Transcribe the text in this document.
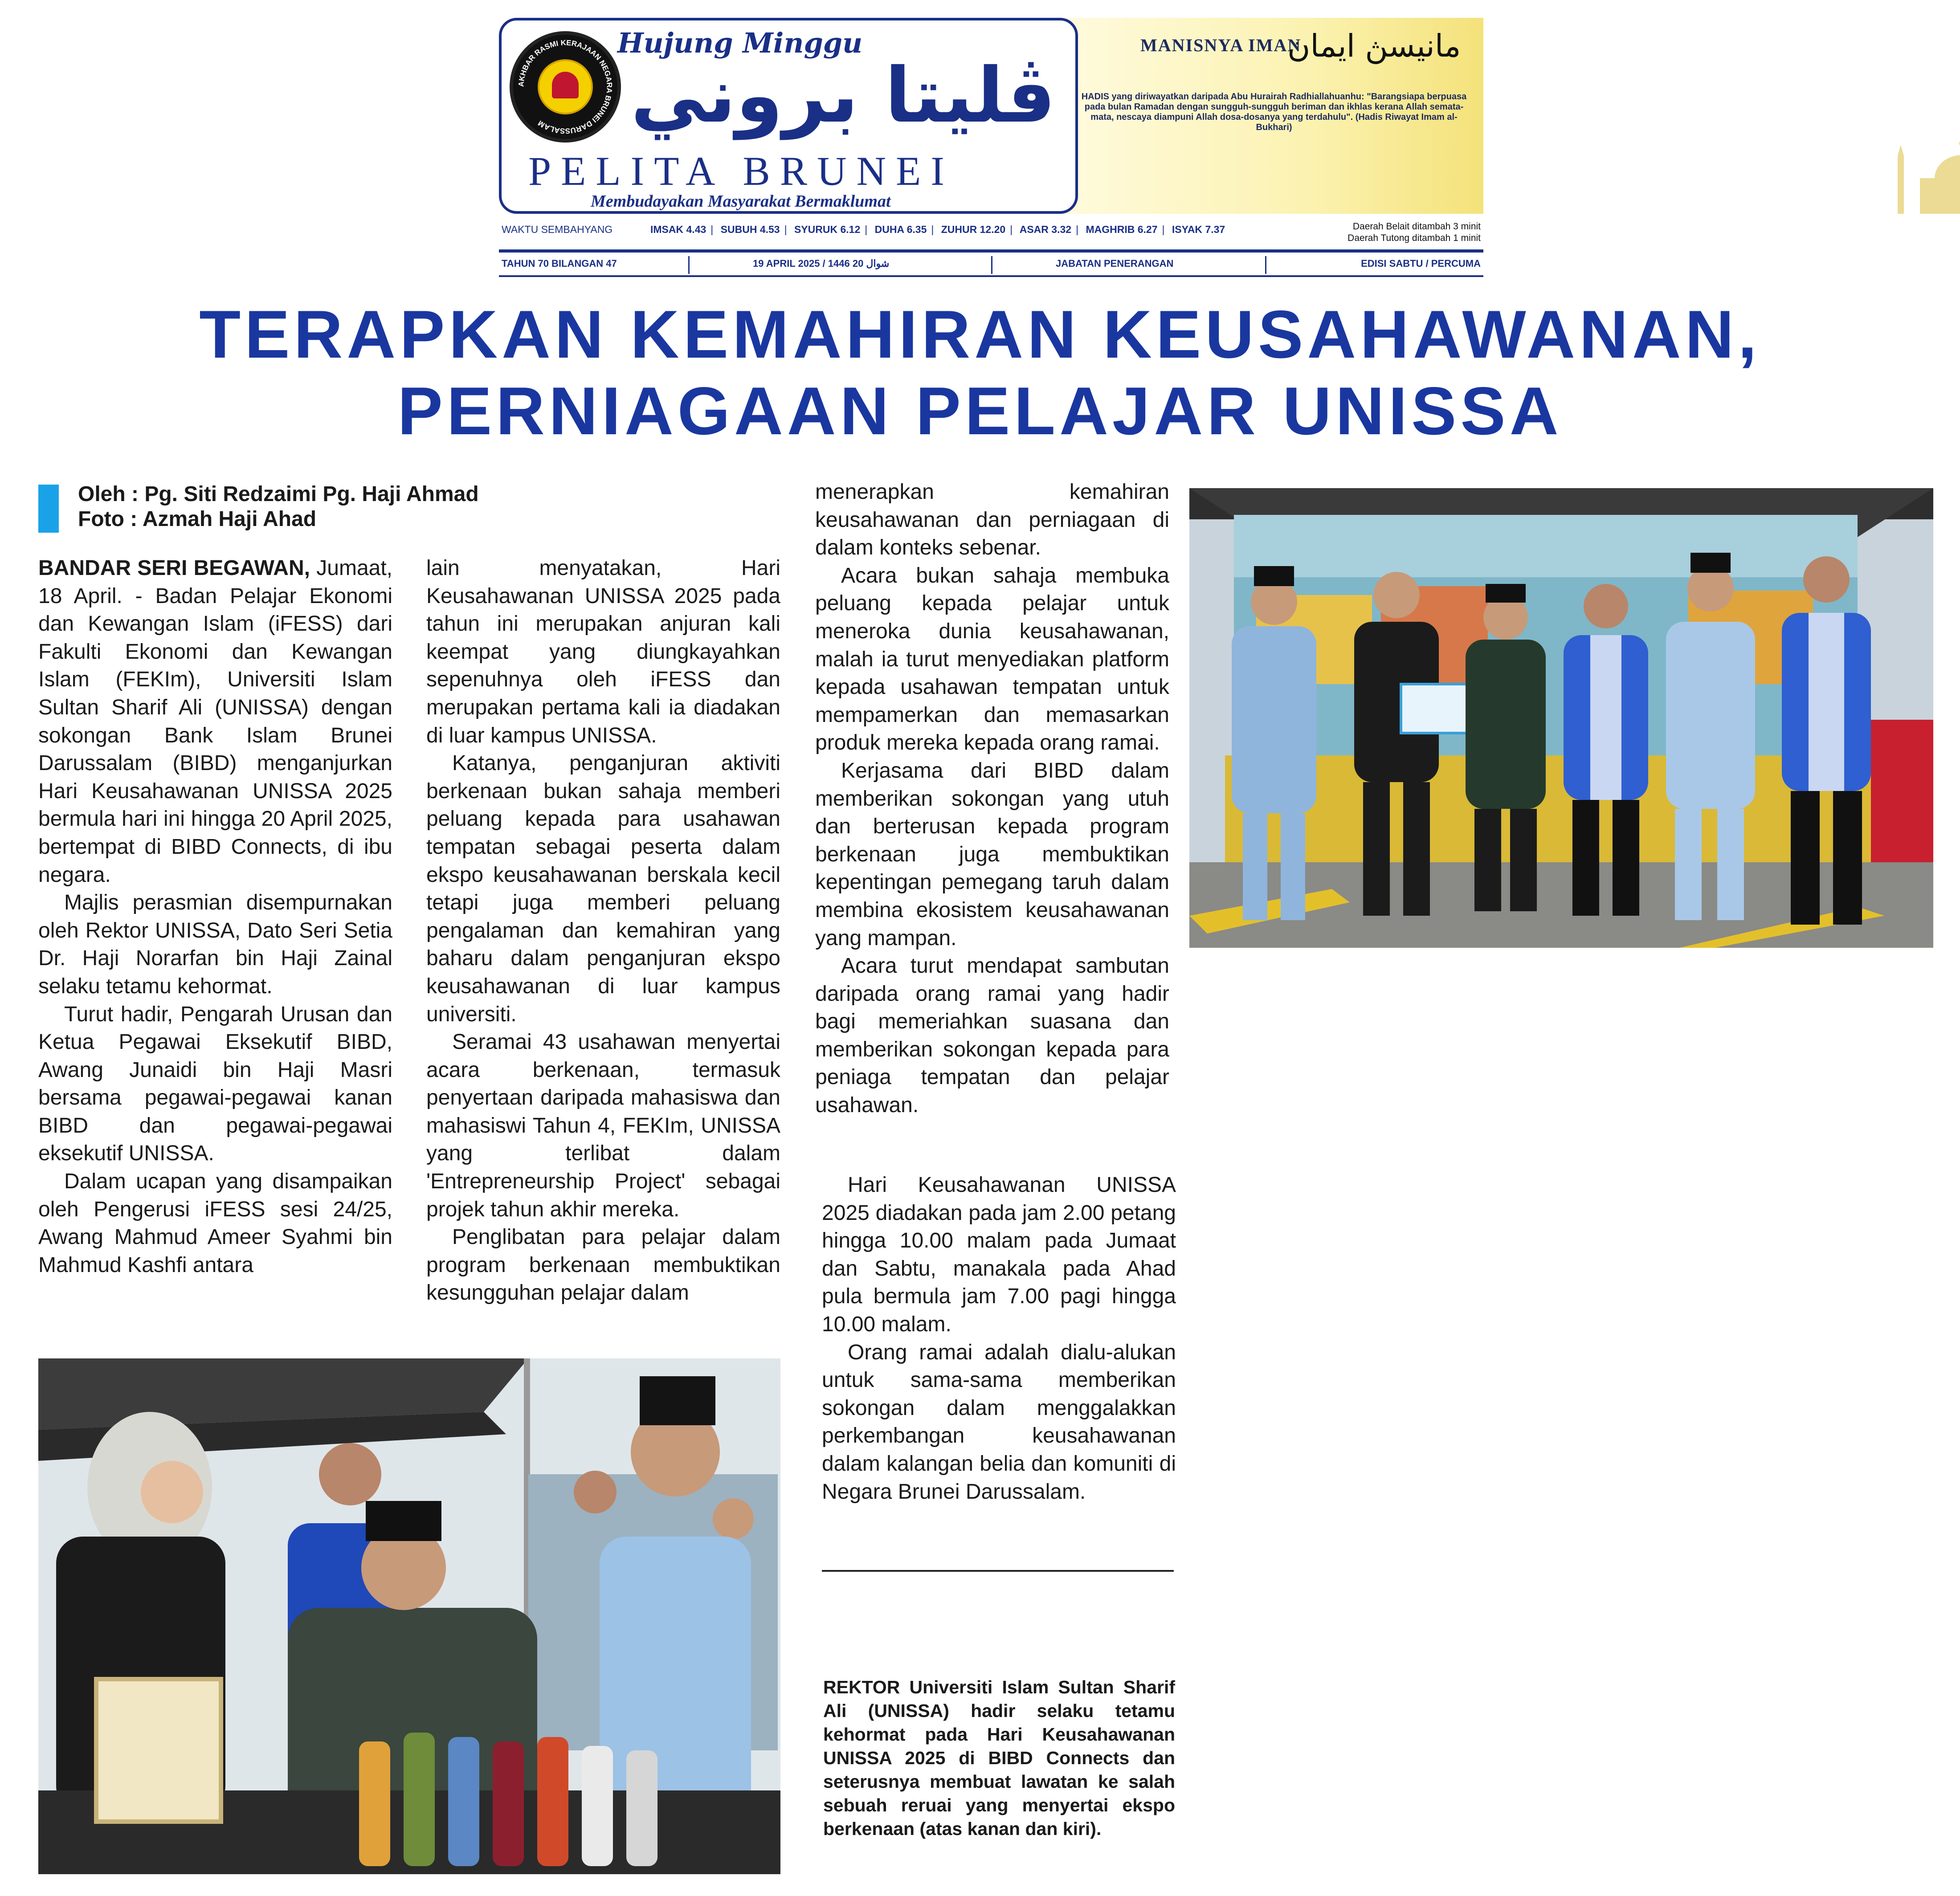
AKHBAR RASMI KERAJAAN NEGARA BRUNEI DARUSSALAM
Hujung Minggu
ڤليتا بروني
PELITA BRUNEI
Membudayakan Masyarakat Bermaklumat
MANISNYA IMAN
مانيسڽ ايمان
HADIS yang diriwayatkan daripada Abu Hurairah Radhiallahuanhu: "Barangsiapa berpuasa pada bulan Ramadan dengan sungguh-sungguh beriman dan ikhlas kerana Allah semata-mata, nescaya diampuni Allah dosa-dosanya yang terdahulu". (Hadis Riwayat Imam al-Bukhari)
WAKTU SEMBAHYANG	IMSAK 4.43 | SUBUH 4.53 | SYURUK 6.12 | DUHA 6.35 | ZUHUR 12.20 | ASAR 3.32 | MAGHRIB 6.27 | ISYAK 7.37	Daerah Belait ditambah 3 minit
Daerah Tutong ditambah 1 minit
TAHUN 70 BILANGAN 47	19 APRIL 2025 / 1446 شوال 20	JABATAN PENERANGAN	EDISI SABTU / PERCUMA
TERAPKAN KEMAHIRAN KEUSAHAWANAN,
PERNIAGAAN PELAJAR UNISSA
Oleh : Pg. Siti Redzaimi Pg. Haji Ahmad
Foto : Azmah Haji Ahad

BANDAR SERI BEGAWAN, Jumaat, 18 April. - Badan Pelajar Ekonomi dan Kewangan Islam (iFESS) dari Fakulti Ekonomi dan Kewangan Islam (FEKIm), Universiti Islam Sultan Sharif Ali (UNISSA) dengan sokongan Bank Islam Brunei Darussalam (BIBD) menganjurkan Hari Keusahawanan UNISSA 2025 bermula hari ini hingga 20 April 2025, bertempat di BIBD Connects, di ibu negara.

Majlis perasmian disempurnakan oleh Rektor UNISSA, Dato Seri Setia Dr. Haji Norarfan bin Haji Zainal selaku tetamu kehormat.

Turut hadir, Pengarah Urusan dan Ketua Pegawai Eksekutif BIBD, Awang Junaidi bin Haji Masri bersama pegawai-pegawai kanan BIBD dan pegawai-pegawai eksekutif UNISSA.

Dalam ucapan yang disampaikan oleh Pengerusi iFESS sesi 24/25, Awang Mahmud Ameer Syahmi bin Mahmud Kashfi antara

lain menyatakan, Hari Keusahawanan UNISSA 2025 pada tahun ini merupakan anjuran kali keempat yang diungkayahkan sepenuhnya oleh iFESS dan merupakan pertama kali ia diadakan di luar kampus UNISSA.

Katanya, penganjuran aktiviti berkenaan bukan sahaja memberi peluang kepada para usahawan tempatan sebagai peserta dalam ekspo keusahawanan berskala kecil tetapi juga memberi peluang pengalaman dan kemahiran yang baharu dalam penganjuran ekspo keusahawanan di luar kampus universiti.

Seramai 43 usahawan menyertai acara berkenaan, termasuk penyertaan daripada mahasiswa dan mahasiswi Tahun 4, FEKIm, UNISSA yang terlibat dalam 'Entrepreneurship Project' sebagai projek tahun akhir mereka.

Penglibatan para pelajar dalam program berkenaan membuktikan kesungguhan pelajar dalam

menerapkan kemahiran keusahawanan dan perniagaan di dalam konteks sebenar.

Acara bukan sahaja membuka peluang kepada pelajar untuk meneroka dunia keusahawanan, malah ia turut menyediakan platform kepada usahawan tempatan untuk mempamerkan dan memasarkan produk mereka kepada orang ramai.

Kerjasama dari BIBD dalam memberikan sokongan yang utuh dan berterusan kepada program berkenaan juga membuktikan kepentingan pemegang taruh dalam membina ekosistem keusahawanan yang mampan.

Acara turut mendapat sambutan daripada orang ramai yang hadir bagi memeriahkan suasana dan memberikan sokongan kepada para peniaga tempatan dan pelajar usahawan.

Hari Keusahawanan UNISSA 2025 diadakan pada jam 2.00 petang hingga 10.00 malam pada Jumaat dan Sabtu, manakala pada Ahad pula bermula jam 7.00 pagi hingga 10.00 malam.

Orang ramai adalah dialu-alukan untuk sama-sama memberikan sokongan dalam menggalakkan perkembangan keusahawanan dalam kalangan belia dan komuniti di Negara Brunei Darussalam.

REKTOR Universiti Islam Sultan Sharif Ali (UNISSA) hadir selaku tetamu kehormat pada Hari Keusahawanan UNISSA 2025 di BIBD Connects dan seterusnya membuat lawatan ke salah sebuah reruai yang menyertai ekspo berkenaan (atas kanan dan kiri).
